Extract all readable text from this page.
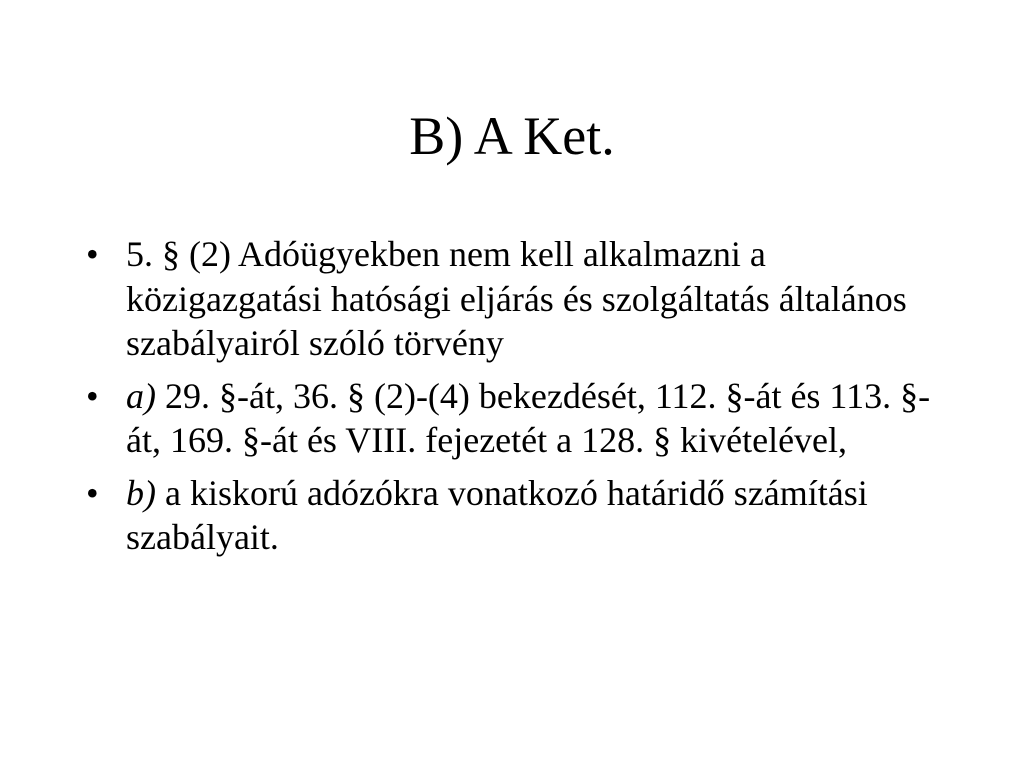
B) A Ket.
• 5. § (2) Adóügyekben nem kell alkalmazni a közigazgatási hatósági eljárás és szolgáltatás általános szabályairól szóló törvény
• a) 29. §-át, 36. § (2)-(4) bekezdését, 112. §-át és 113. §-át, 169. §-át és VIII. fejezetét a 128. § kivételével,
• b) a kiskorú adózókra vonatkozó határidő számítási szabályait.
